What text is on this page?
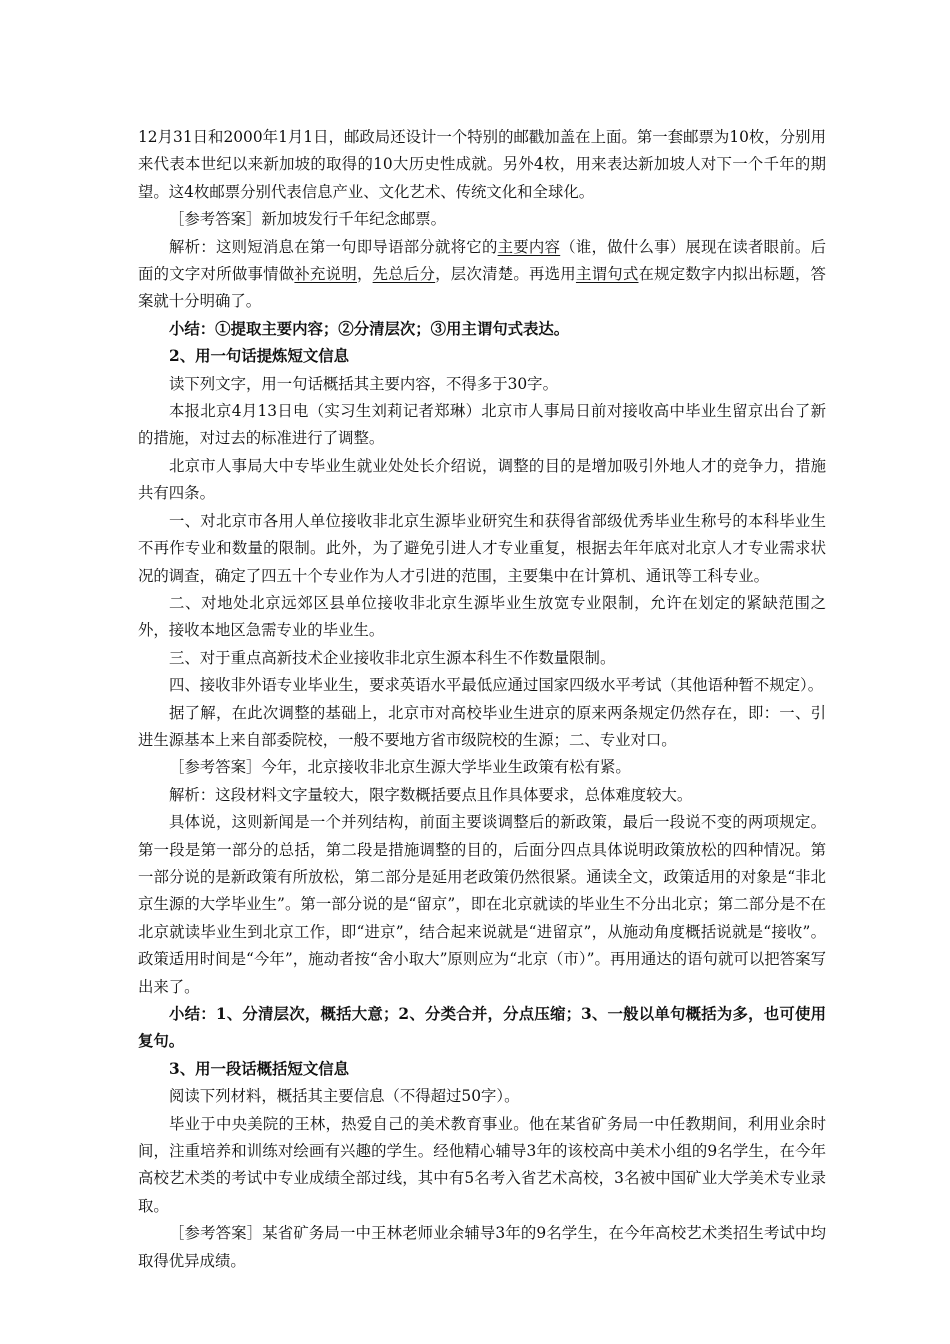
12月31日和2000年1月1日，邮政局还设计一个特别的邮戳加盖在上面。第一套邮票为10枚，分别用来代表本世纪以来新加坡的取得的10大历史性成就。另外4枚，用来表达新加坡人对下一个千年的期望。这4枚邮票分别代表信息产业、文化艺术、传统文化和全球化。

［参考答案］新加坡发行千年纪念邮票。

解析：这则短消息在第一句即导语部分就将它的主要内容（谁，做什么事）展现在读者眼前。后面的文字对所做事情做补充说明，先总后分，层次清楚。再选用主谓句式在规定数字内拟出标题，答案就十分明确了。

小结：①提取主要内容；②分清层次；③用主谓句式表达。

2、用一句话提炼短文信息

读下列文字，用一句话概括其主要内容，不得多于30字。

本报北京4月13日电（实习生刘莉记者郑琳）北京市人事局日前对接收高中毕业生留京出台了新的措施，对过去的标准进行了调整。

北京市人事局大中专毕业生就业处处长介绍说，调整的目的是增加吸引外地人才的竞争力，措施共有四条。

一、对北京市各用人单位接收非北京生源毕业研究生和获得省部级优秀毕业生称号的本科毕业生不再作专业和数量的限制。此外，为了避免引进人才专业重复，根据去年年底对北京人才专业需求状况的调查，确定了四五十个专业作为人才引进的范围，主要集中在计算机、通讯等工科专业。

二、对地处北京远郊区县单位接收非北京生源毕业生放宽专业限制，允许在划定的紧缺范围之外，接收本地区急需专业的毕业生。

三、对于重点高新技术企业接收非北京生源本科生不作数量限制。

四、接收非外语专业毕业生，要求英语水平最低应通过国家四级水平考试（其他语种暂不规定）。

据了解，在此次调整的基础上，北京市对高校毕业生进京的原来两条规定仍然存在，即：一、引进生源基本上来自部委院校，一般不要地方省市级院校的生源；二、专业对口。

［参考答案］今年，北京接收非北京生源大学毕业生政策有松有紧。

解析：这段材料文字量较大，限字数概括要点且作具体要求，总体难度较大。

具体说，这则新闻是一个并列结构，前面主要谈调整后的新政策，最后一段说不变的两项规定。第一段是第一部分的总括，第二段是措施调整的目的，后面分四点具体说明政策放松的四种情况。第一部分说的是新政策有所放松，第二部分是延用老政策仍然很紧。通读全文，政策适用的对象是“非北京生源的大学毕业生”。第一部分说的是“留京”，即在北京就读的毕业生不分出北京；第二部分是不在北京就读毕业生到北京工作，即“进京”，结合起来说就是“进留京”，从施动角度概括说就是“接收”。政策适用时间是“今年”，施动者按“舍小取大”原则应为“北京（市）”。再用通达的语句就可以把答案写出来了。

小结：1、分清层次，概括大意；2、分类合并，分点压缩；3、一般以单句概括为多，也可使用复句。

3、用一段话概括短文信息

阅读下列材料，概括其主要信息（不得超过50字）。

毕业于中央美院的王林，热爱自己的美术教育事业。他在某省矿务局一中任教期间，利用业余时间，注重培养和训练对绘画有兴趣的学生。经他精心辅导3年的该校高中美术小组的9名学生，在今年高校艺术类的考试中专业成绩全部过线，其中有5名考入省艺术高校，3名被中国矿业大学美术专业录取。

［参考答案］某省矿务局一中王林老师业余辅导3年的9名学生，在今年高校艺术类招生考试中均取得优异成绩。
